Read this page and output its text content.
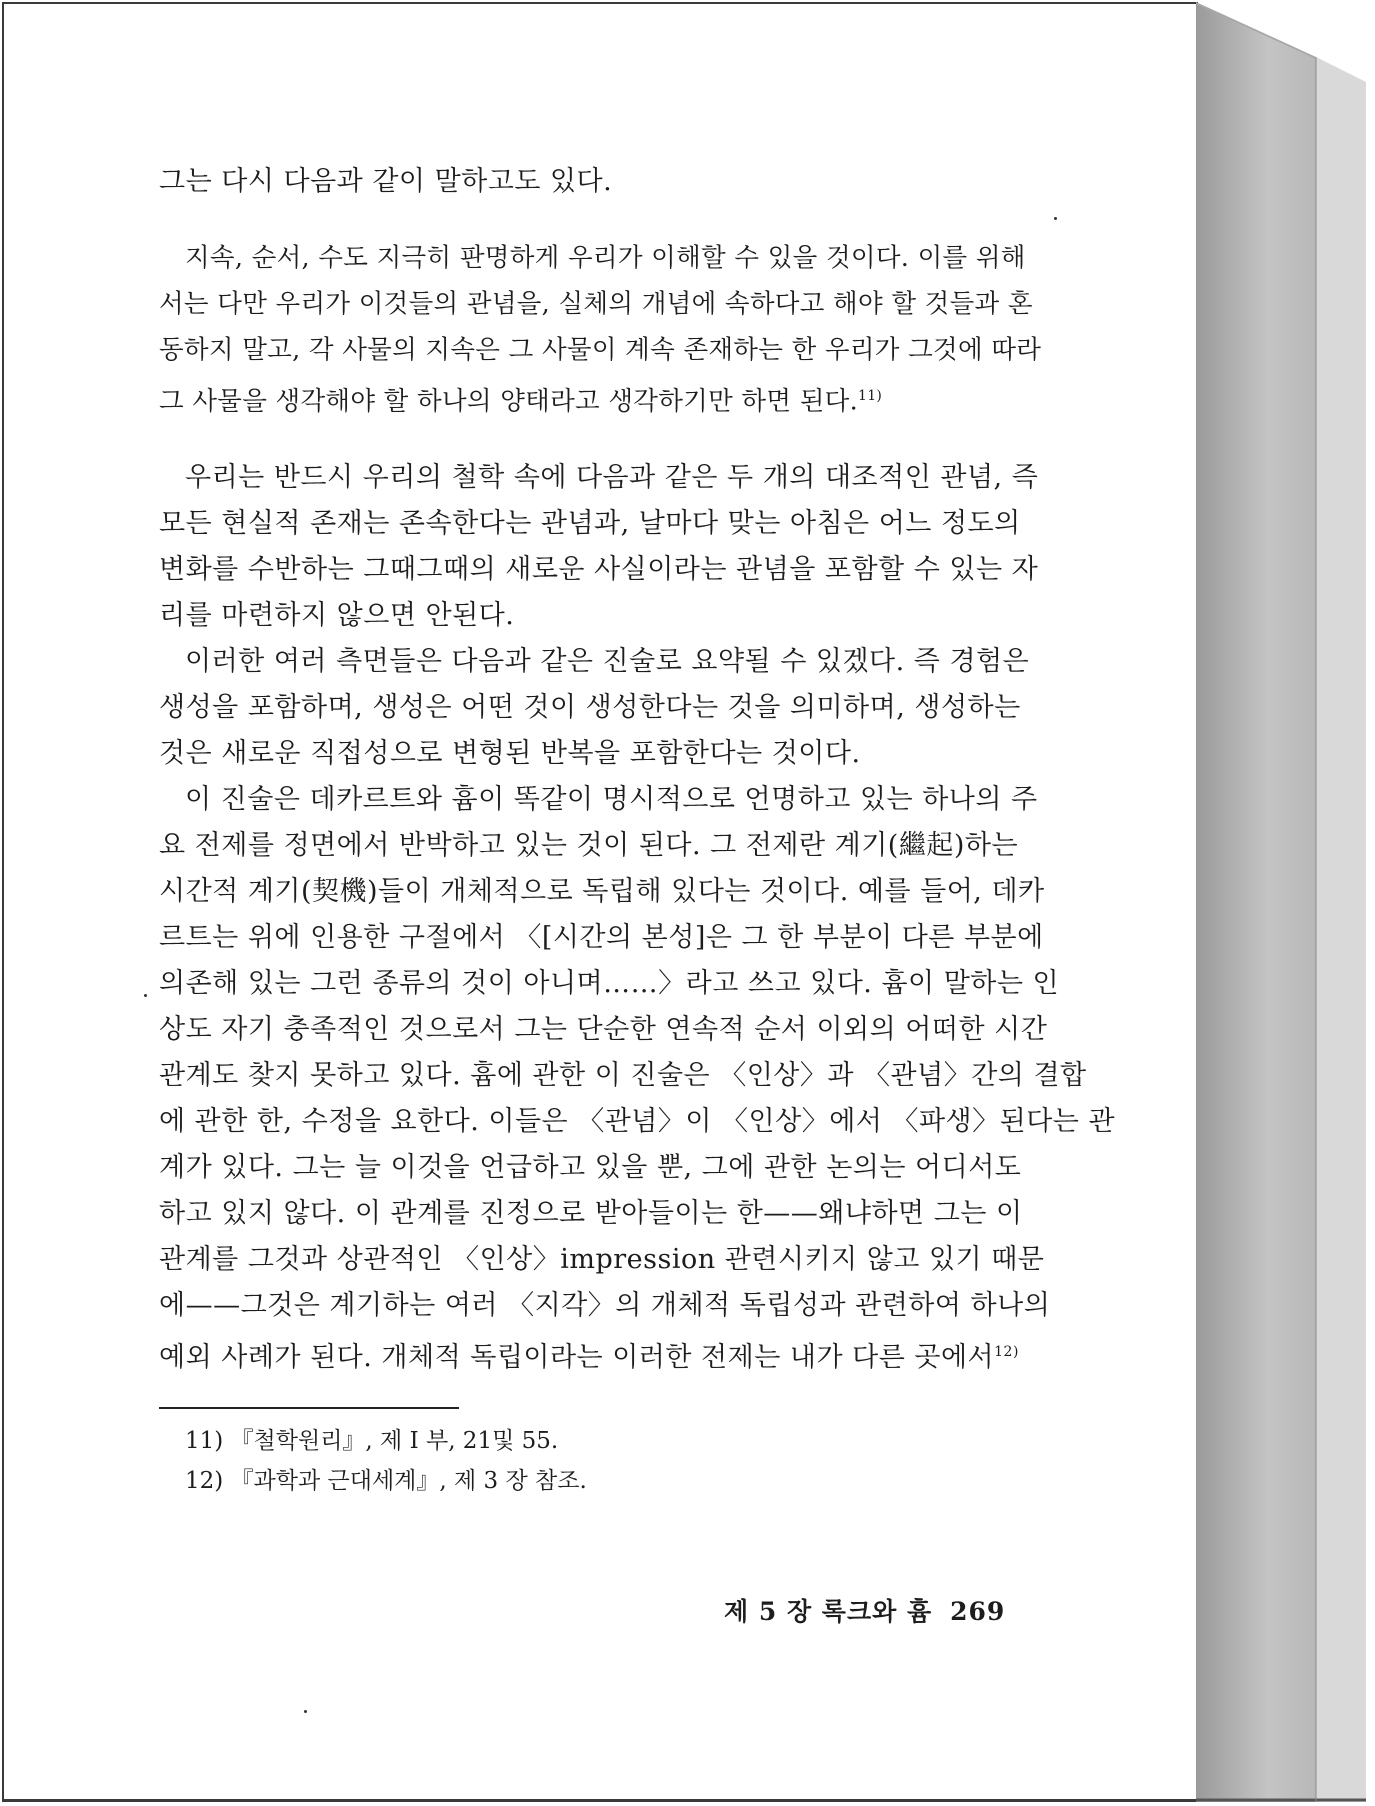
그는 다시 다음과 같이 말하고도 있다.
지속, 순서, 수도 지극히 판명하게 우리가 이해할 수 있을 것이다. 이를 위해
서는 다만 우리가 이것들의 관념을, 실체의 개념에 속하다고 해야 할 것들과 혼
동하지 말고, 각 사물의 지속은 그 사물이 계속 존재하는 한 우리가 그것에 따라
그 사물을 생각해야 할 하나의 양태라고 생각하기만 하면 된다.$^{11)}$
우리는 반드시 우리의 철학 속에 다음과 같은 두 개의 대조적인 관념, 즉
모든 현실적 존재는 존속한다는 관념과, 날마다 맞는 아침은 어느 정도의
변화를 수반하는 그때그때의 새로운 사실이라는 관념을 포함할 수 있는 자
리를 마련하지 않으면 안된다.
이러한 여러 측면들은 다음과 같은 진술로 요약될 수 있겠다. 즉 경험은
생성을 포함하며, 생성은 어떤 것이 생성한다는 것을 의미하며, 생성하는
것은 새로운 직접성으로 변형된 반복을 포함한다는 것이다.
이 진술은 데카르트와 흄이 똑같이 명시적으로 언명하고 있는 하나의 주
요 전제를 정면에서 반박하고 있는 것이 된다. 그 전제란 계기(繼起)하는
시간적 계기(契機)들이 개체적으로 독립해 있다는 것이다. 예를 들어, 데카
르트는 위에 인용한 구절에서 〈[시간의 본성]은 그 한 부분이 다른 부분에
의존해 있는 그런 종류의 것이 아니며……〉라고 쓰고 있다. 흄이 말하는 인
상도 자기 충족적인 것으로서 그는 단순한 연속적 순서 이외의 어떠한 시간
관계도 찾지 못하고 있다. 흄에 관한 이 진술은 〈인상〉과 〈관념〉간의 결합
에 관한 한, 수정을 요한다. 이들은 〈관념〉이 〈인상〉에서 〈파생〉된다는 관
계가 있다. 그는 늘 이것을 언급하고 있을 뿐, 그에 관한 논의는 어디서도
하고 있지 않다. 이 관계를 진정으로 받아들이는 한——왜냐하면 그는 이
관계를 그것과 상관적인 〈인상〉impression 관련시키지 않고 있기 때문
에——그것은 계기하는 여러 〈지각〉의 개체적 독립성과 관련하여 하나의
예외 사례가 된다. 개체적 독립이라는 이러한 전제는 내가 다른 곳에서$^{12)}$
11) 『철학원리』, 제 I 부, 21및 55.
12) 『과학과 근대세계』, 제 3 장 참조.
제 5 장 록크와 흄 269
